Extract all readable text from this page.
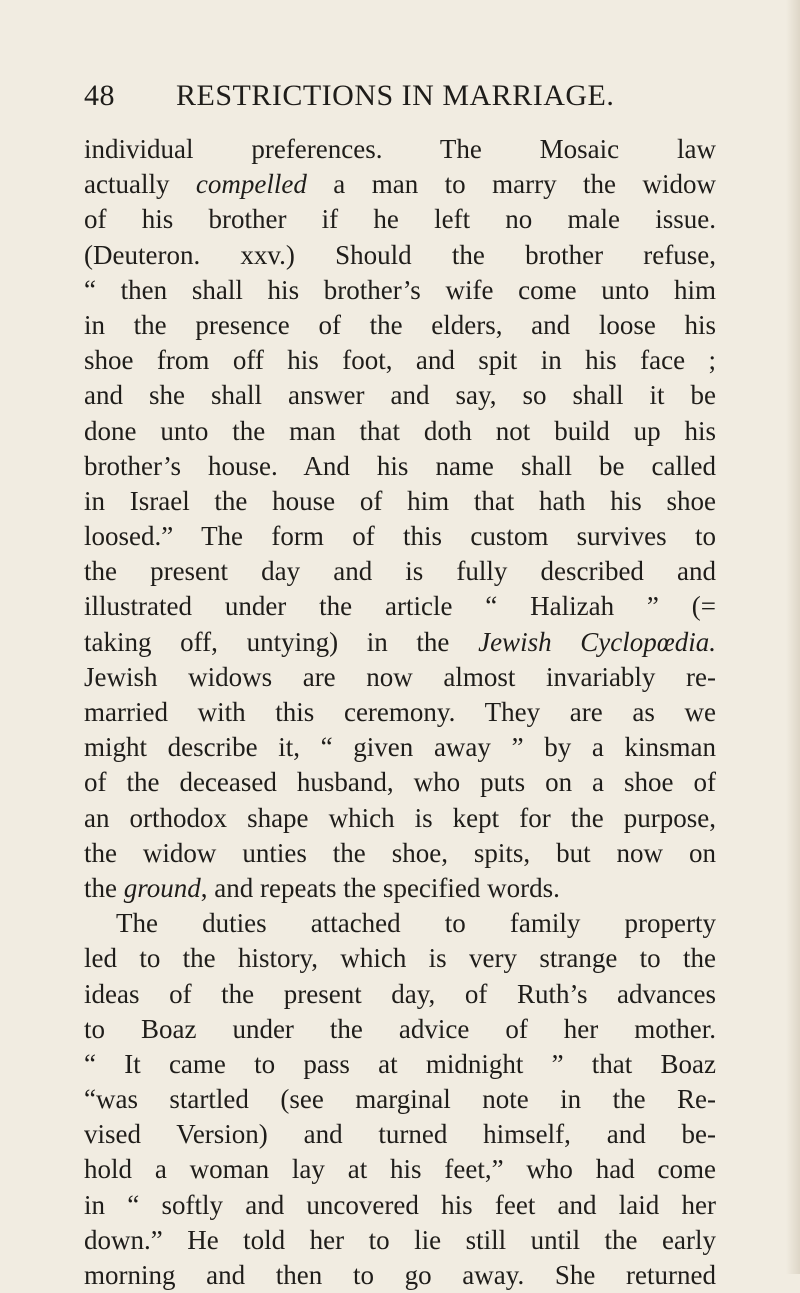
48 RESTRICTIONS IN MARRIAGE.
individual preferences. The Mosaic law
actually compelled a man to marry the widow
of his brother if he left no male issue.
(Deuteron. xxv.) Should the brother refuse,
“ then shall his brother’s wife come unto him
in the presence of the elders, and loose his
shoe from off his foot, and spit in his face ;
and she shall answer and say, so shall it be
done unto the man that doth not build up his
brother’s house. And his name shall be called
in Israel the house of him that hath his shoe
loosed.” The form of this custom survives to
the present day and is fully described and
illustrated under the article “ Halizah ” (=
taking off, untying) in the Jewish Cyclopœdia.
Jewish widows are now almost invariably re-
married with this ceremony. They are as we
might describe it, “ given away ” by a kinsman
of the deceased husband, who puts on a shoe of
an orthodox shape which is kept for the purpose,
the widow unties the shoe, spits, but now on
the ground, and repeats the specified words.
The duties attached to family property
led to the history, which is very strange to the
ideas of the present day, of Ruth’s advances
to Boaz under the advice of her mother.
“ It came to pass at midnight ” that Boaz
“was startled (see marginal note in the Re-
vised Version) and turned himself, and be-
hold a woman lay at his feet,” who had come
in “ softly and uncovered his feet and laid her
down.” He told her to lie still until the early
morning and then to go away. She returned
